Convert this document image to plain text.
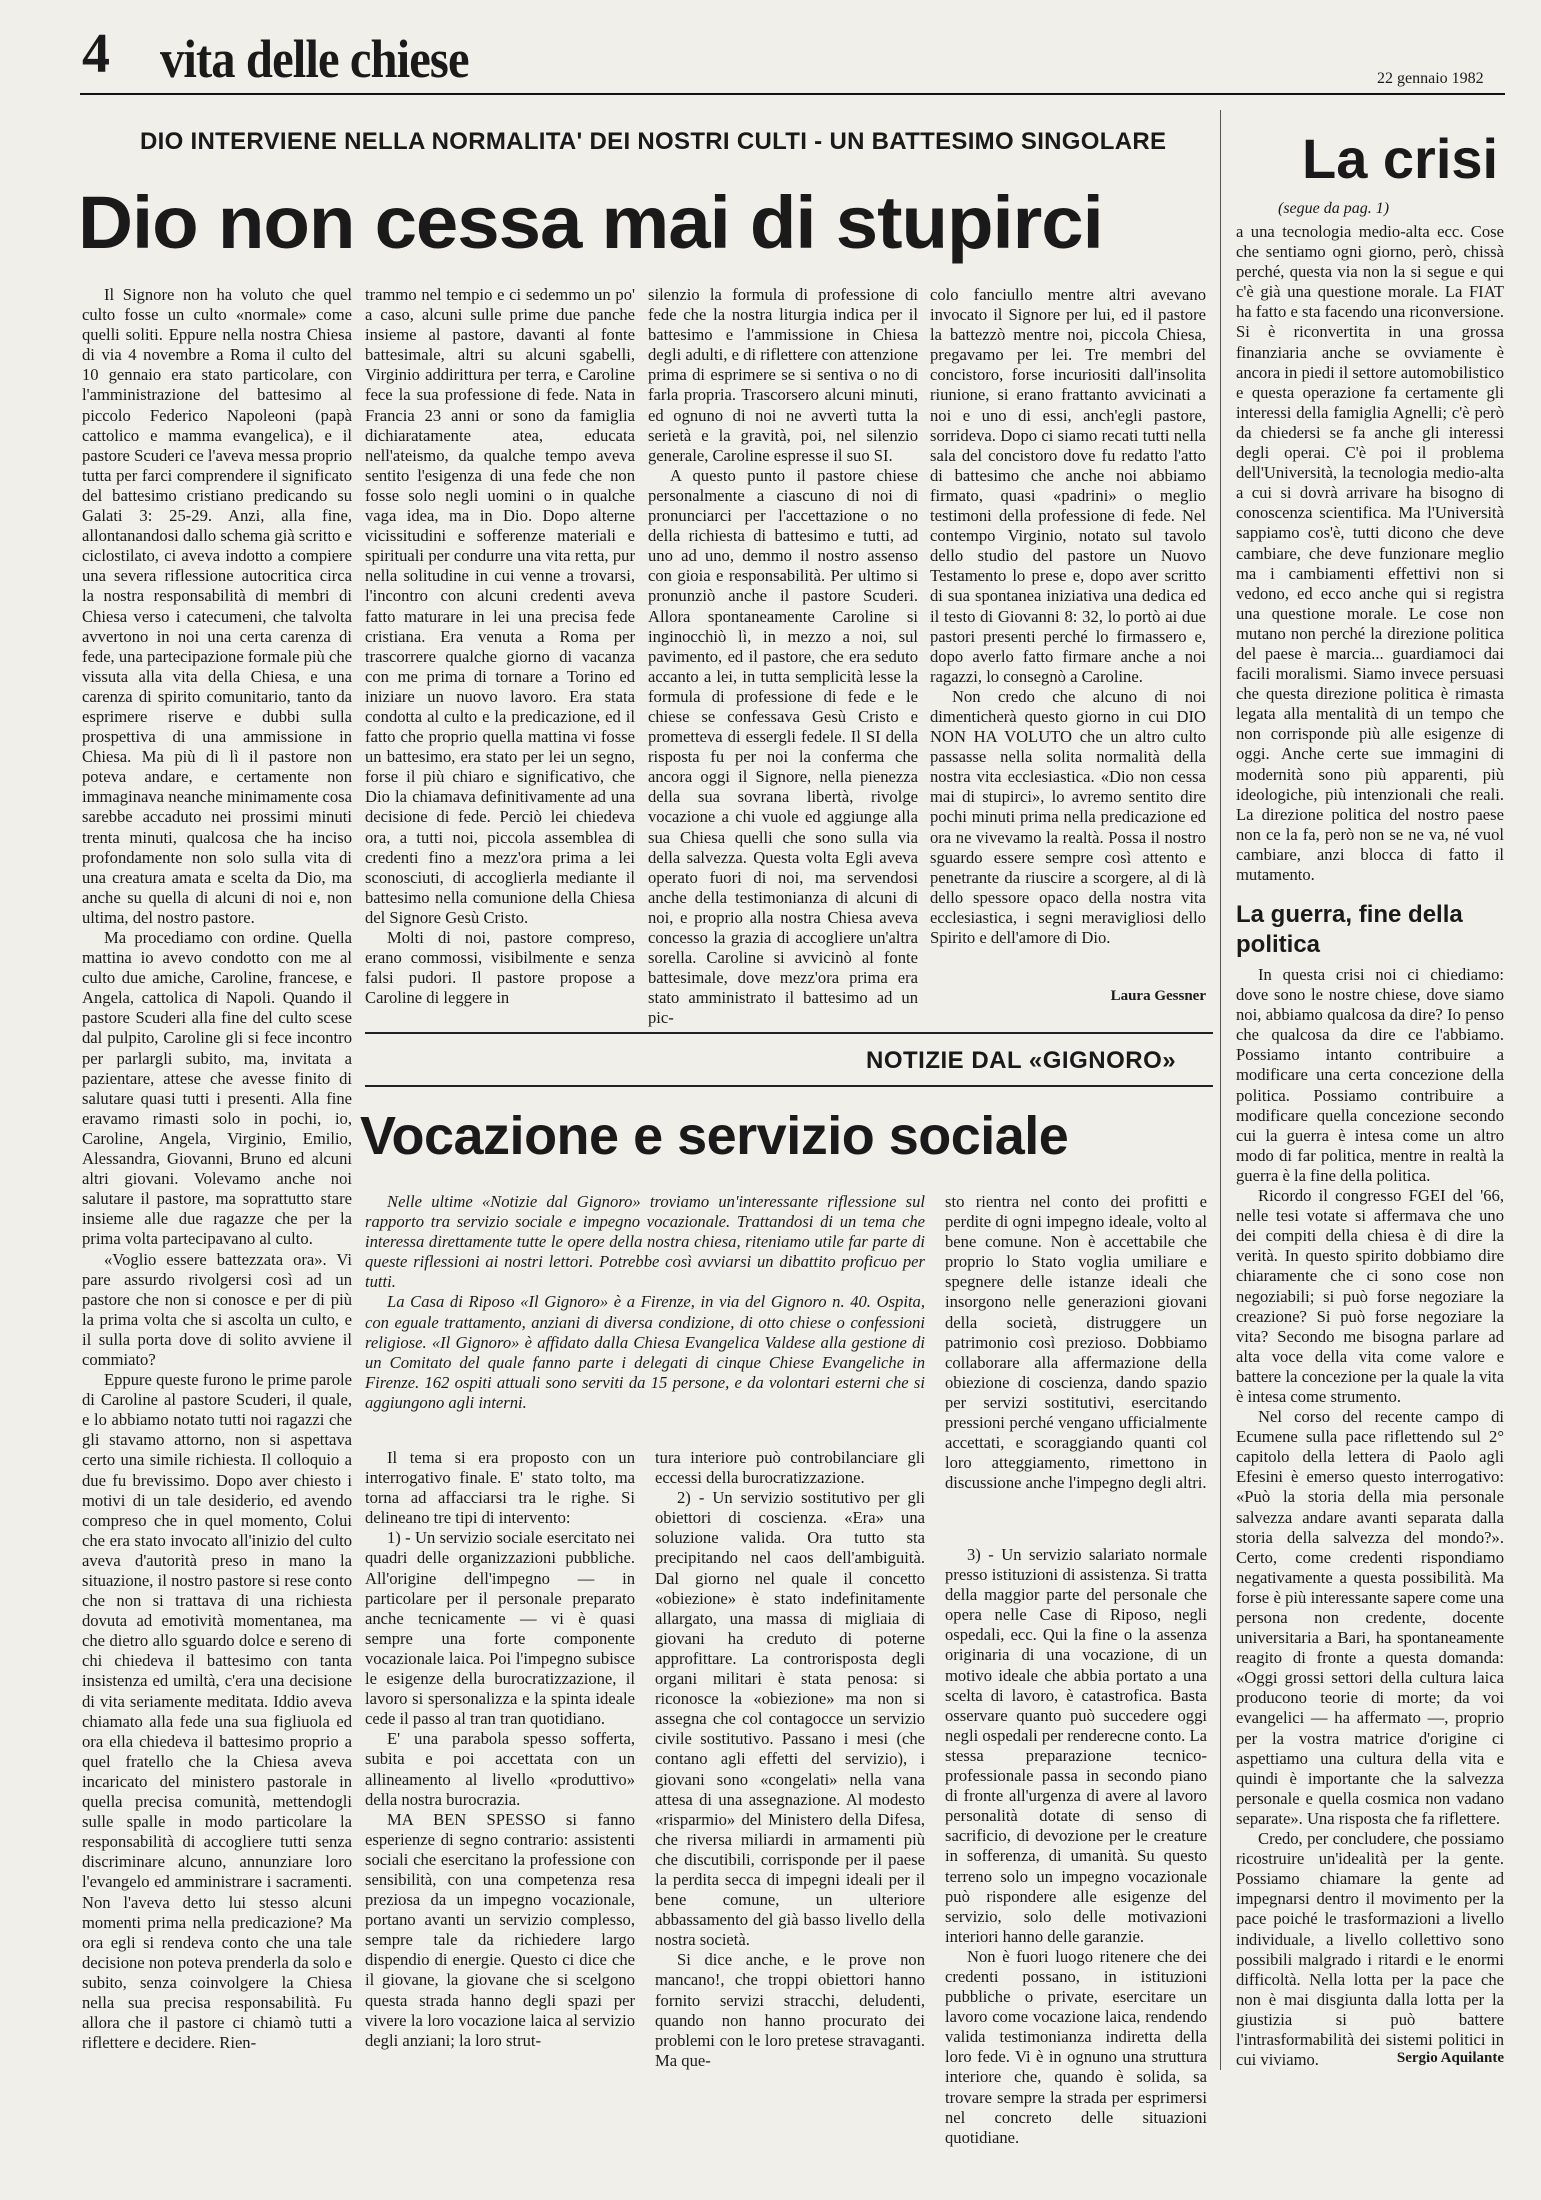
4 vita delle chiese	22 gennaio 1982
DIO INTERVIENE NELLA NORMALITA' DEI NOSTRI CULTI - UN BATTESIMO SINGOLARE
Dio non cessa mai di stupirci

Il Signore non ha voluto che quel culto fosse un culto «normale» come quelli soliti. Eppure nella nostra Chiesa di via 4 novembre a Roma il culto del 10 gennaio era stato particolare, con l'amministrazione del battesimo al piccolo Federico Napoleoni (papà cattolico e mamma evangelica), e il pastore Scuderi ce l'aveva messa proprio tutta per farci comprendere il significato del battesimo cristiano predicando su Galati 3: 25-29. Anzi, alla fine, allontanandosi dallo schema già scritto e ciclostilato, ci aveva indotto a compiere una severa riflessione autocritica circa la nostra responsabilità di membri di Chiesa verso i catecumeni, che talvolta avvertono in noi una certa carenza di fede, una partecipazione formale più che vissuta alla vita della Chiesa, e una carenza di spirito comunitario, tanto da esprimere riserve e dubbi sulla prospettiva di una ammissione in Chiesa. Ma più di lì il pastore non poteva andare, e certamente non immaginava neanche minimamente cosa sarebbe accaduto nei prossimi minuti trenta minuti, qualcosa che ha inciso profondamente non solo sulla vita di una creatura amata e scelta da Dio, ma anche su quella di alcuni di noi e, non ultima, del nostro pastore.

Ma procediamo con ordine. Quella mattina io avevo condotto con me al culto due amiche, Caroline, francese, e Angela, cattolica di Napoli. Quando il pastore Scuderi alla fine del culto scese dal pulpito, Caroline gli si fece incontro per parlargli subito, ma, invitata a pazientare, attese che avesse finito di salutare quasi tutti i presenti. Alla fine eravamo rimasti solo in pochi, io, Caroline, Angela, Virginio, Emilio, Alessandra, Giovanni, Bruno ed alcuni altri giovani. Volevamo anche noi salutare il pastore, ma soprattutto stare insieme alle due ragazze che per la prima volta partecipavano al culto.

«Voglio essere battezzata ora». Vi pare assurdo rivolgersi così ad un pastore che non si conosce e per di più la prima volta che si ascolta un culto, e il sulla porta dove di solito avviene il commiato?

Eppure queste furono le prime parole di Caroline al pastore Scuderi, il quale, e lo abbiamo notato tutti noi ragazzi che gli stavamo attorno, non si aspettava certo una simile richiesta. Il colloquio a due fu brevissimo. Dopo aver chiesto i motivi di un tale desiderio, ed avendo compreso che in quel momento, Colui che era stato invocato all'inizio del culto aveva d'autorità preso in mano la situazione, il nostro pastore si rese conto che non si trattava di una richiesta dovuta ad emotività momentanea, ma che dietro allo sguardo dolce e sereno di chi chiedeva il battesimo con tanta insistenza ed umiltà, c'era una decisione di vita seriamente meditata. Iddio aveva chiamato alla fede una sua figliuola ed ora ella chiedeva il battesimo proprio a quel fratello che la Chiesa aveva incaricato del ministero pastorale in quella precisa comunità, mettendogli sulle spalle in modo particolare la responsabilità di accogliere tutti senza discriminare alcuno, annunziare loro l'evangelo ed amministrare i sacramenti. Non l'aveva detto lui stesso alcuni momenti prima nella predicazione? Ma ora egli si rendeva conto che una tale decisione non poteva prenderla da solo e subito, senza coinvolgere la Chiesa nella sua precisa responsabilità. Fu allora che il pastore ci chiamò tutti a riflettere e decidere. Rien-

trammo nel tempio e ci sedemmo un po' a caso, alcuni sulle prime due panche insieme al pastore, davanti al fonte battesimale, altri su alcuni sgabelli, Virginio addirittura per terra, e Caroline fece la sua professione di fede. Nata in Francia 23 anni or sono da famiglia dichiaratamente atea, educata nell'ateismo, da qualche tempo aveva sentito l'esigenza di una fede che non fosse solo negli uomini o in qualche vaga idea, ma in Dio. Dopo alterne vicissitudini e sofferenze materiali e spirituali per condurre una vita retta, pur nella solitudine in cui venne a trovarsi, l'incontro con alcuni credenti aveva fatto maturare in lei una precisa fede cristiana. Era venuta a Roma per trascorrere qualche giorno di vacanza con me prima di tornare a Torino ed iniziare un nuovo lavoro. Era stata condotta al culto e la predicazione, ed il fatto che proprio quella mattina vi fosse un battesimo, era stato per lei un segno, forse il più chiaro e significativo, che Dio la chiamava definitivamente ad una decisione di fede. Perciò lei chiedeva ora, a tutti noi, piccola assemblea di credenti fino a mezz'ora prima a lei sconosciuti, di accoglierla mediante il battesimo nella comunione della Chiesa del Signore Gesù Cristo.

Molti di noi, pastore compreso, erano commossi, visibilmente e senza falsi pudori. Il pastore propose a Caroline di leggere in

silenzio la formula di professione di fede che la nostra liturgia indica per il battesimo e l'ammissione in Chiesa degli adulti, e di riflettere con attenzione prima di esprimere se si sentiva o no di farla propria. Trascorsero alcuni minuti, ed ognuno di noi ne avvertì tutta la serietà e la gravità, poi, nel silenzio generale, Caroline espresse il suo SI.

A questo punto il pastore chiese personalmente a ciascuno di noi di pronunciarci per l'accettazione o no della richiesta di battesimo e tutti, ad uno ad uno, demmo il nostro assenso con gioia e responsabilità. Per ultimo si pronunziò anche il pastore Scuderi. Allora spontaneamente Caroline si inginocchiò lì, in mezzo a noi, sul pavimento, ed il pastore, che era seduto accanto a lei, in tutta semplicità lesse la formula di professione di fede e le chiese se confessava Gesù Cristo e prometteva di essergli fedele. Il SI della risposta fu per noi la conferma che ancora oggi il Signore, nella pienezza della sua sovrana libertà, rivolge vocazione a chi vuole ed aggiunge alla sua Chiesa quelli che sono sulla via della salvezza. Questa volta Egli aveva operato fuori di noi, ma servendosi anche della testimonianza di alcuni di noi, e proprio alla nostra Chiesa aveva concesso la grazia di accogliere un'altra sorella. Caroline si avvicinò al fonte battesimale, dove mezz'ora prima era stato amministrato il battesimo ad un pic-

colo fanciullo mentre altri avevano invocato il Signore per lui, ed il pastore la battezzò mentre noi, piccola Chiesa, pregavamo per lei. Tre membri del concistoro, forse incuriositi dall'insolita riunione, si erano frattanto avvicinati a noi e uno di essi, anch'egli pastore, sorrideva. Dopo ci siamo recati tutti nella sala del concistoro dove fu redatto l'atto di battesimo che anche noi abbiamo firmato, quasi «padrini» o meglio testimoni della professione di fede. Nel contempo Virginio, notato sul tavolo dello studio del pastore un Nuovo Testamento lo prese e, dopo aver scritto di sua spontanea iniziativa una dedica ed il testo di Giovanni 8: 32, lo portò ai due pastori presenti perché lo firmassero e, dopo averlo fatto firmare anche a noi ragazzi, lo consegnò a Caroline.

Non credo che alcuno di noi dimenticherà questo giorno in cui DIO NON HA VOLUTO che un altro culto passasse nella solita normalità della nostra vita ecclesiastica. «Dio non cessa mai di stupirci», lo avremo sentito dire pochi minuti prima nella predicazione ed ora ne vivevamo la realtà. Possa il nostro sguardo essere sempre così attento e penetrante da riuscire a scorgere, al di là dello spessore opaco della nostra vita ecclesiastica, i segni meravigliosi dello Spirito e dell'amore di Dio.

Laura Gessner
La crisi
(segue da pag. 1)

a una tecnologia medio-alta ecc. Cose che sentiamo ogni giorno, però, chissà perché, questa via non la si segue e qui c'è già una questione morale. La FIAT ha fatto e sta facendo una riconversione. Si è riconvertita in una grossa finanziaria anche se ovviamente è ancora in piedi il settore automobilistico e questa operazione fa certamente gli interessi della famiglia Agnelli; c'è però da chiedersi se fa anche gli interessi degli operai. C'è poi il problema dell'Università, la tecnologia medio-alta a cui si dovrà arrivare ha bisogno di conoscenza scientifica. Ma l'Università sappiamo cos'è, tutti dicono che deve cambiare, che deve funzionare meglio ma i cambiamenti effettivi non si vedono, ed ecco anche qui si registra una questione morale. Le cose non mutano non perché la direzione politica del paese è marcia... guardiamoci dai facili moralismi. Siamo invece persuasi che questa direzione politica è rimasta legata alla mentalità di un tempo che non corrisponde più alle esigenze di oggi. Anche certe sue immagini di modernità sono più apparenti, più ideologiche, più intenzionali che reali. La direzione politica del nostro paese non ce la fa, però non se ne va, né vuol cambiare, anzi blocca di fatto il mutamento.

La guerra, fine della politica

In questa crisi noi ci chiediamo: dove sono le nostre chiese, dove siamo noi, abbiamo qualcosa da dire? Io penso che qualcosa da dire ce l'abbiamo. Possiamo intanto contribuire a modificare una certa concezione della politica. Possiamo contribuire a modificare quella concezione secondo cui la guerra è intesa come un altro modo di far politica, mentre in realtà la guerra è la fine della politica.

Ricordo il congresso FGEI del '66, nelle tesi votate si affermava che uno dei compiti della chiesa è di dire la verità. In questo spirito dobbiamo dire chiaramente che ci sono cose non negoziabili; si può forse negoziare la creazione? Si può forse negoziare la vita? Secondo me bisogna parlare ad alta voce della vita come valore e battere la concezione per la quale la vita è intesa come strumento.

Nel corso del recente campo di Ecumene sulla pace riflettendo sul 2° capitolo della lettera di Paolo agli Efesini è emerso questo interrogativo: «Può la storia della mia personale salvezza andare avanti separata dalla storia della salvezza del mondo?». Certo, come credenti rispondiamo negativamente a questa possibilità. Ma forse è più interessante sapere come una persona non credente, docente universitaria a Bari, ha spontaneamente reagito di fronte a questa domanda: «Oggi grossi settori della cultura laica producono teorie di morte; da voi evangelici — ha affermato —, proprio per la vostra matrice d'origine ci aspettiamo una cultura della vita e quindi è importante che la salvezza personale e quella cosmica non vadano separate». Una risposta che fa riflettere.

Credo, per concludere, che possiamo ricostruire un'idealità per la gente. Possiamo chiamare la gente ad impegnarsi dentro il movimento per la pace poiché le trasformazioni a livello individuale, a livello collettivo sono possibili malgrado i ritardi e le enormi difficoltà. Nella lotta per la pace che non è mai disgiunta dalla lotta per la giustizia si può battere l'intrasformabilità dei sistemi politici in cui viviamo.	Sergio Aquilante
NOTIZIE DAL «GIGNORO»
Vocazione e servizio sociale

Nelle ultime «Notizie dal Gignoro» troviamo un'interessante riflessione sul rapporto tra servizio sociale e impegno vocazionale. Trattandosi di un tema che interessa direttamente tutte le opere della nostra chiesa, riteniamo utile far parte di queste riflessioni ai nostri lettori. Potrebbe così avviarsi un dibattito proficuo per tutti.

La Casa di Riposo «Il Gignoro» è a Firenze, in via del Gignoro n. 40. Ospita, con eguale trattamento, anziani di diversa condizione, di otto chiese o confessioni religiose. «Il Gignoro» è affidato dalla Chiesa Evangelica Valdese alla gestione di un Comitato del quale fanno parte i delegati di cinque Chiese Evangeliche in Firenze. 162 ospiti attuali sono serviti da 15 persone, e da volontari esterni che si aggiungono agli interni.

sto rientra nel conto dei profitti e perdite di ogni impegno ideale, volto al bene comune. Non è accettabile che proprio lo Stato voglia umiliare e spegnere delle istanze ideali che insorgono nelle generazioni giovani della società, distruggere un patrimonio così prezioso. Dobbiamo collaborare alla affermazione della obiezione di coscienza, dando spazio per servizi sostitutivi, esercitando pressioni perché vengano ufficialmente accettati, e scoraggiando quanti col loro atteggiamento, rimettono in discussione anche l'impegno degli altri.

Il tema si era proposto con un interrogativo finale. E' stato tolto, ma torna ad affacciarsi tra le righe. Si delineano tre tipi di intervento:

1) - Un servizio sociale esercitato nei quadri delle organizzazioni pubbliche. All'origine dell'impegno — in particolare per il personale preparato anche tecnicamente — vi è quasi sempre una forte componente vocazionale laica. Poi l'impegno subisce le esigenze della burocratizzazione, il lavoro si spersonalizza e la spinta ideale cede il passo al tran tran quotidiano.

E' una parabola spesso sofferta, subita e poi accettata con un allineamento al livello «produttivo» della nostra burocrazia.

MA BEN SPESSO si fanno esperienze di segno contrario: assistenti sociali che esercitano la professione con sensibilità, con una competenza resa preziosa da un impegno vocazionale, portano avanti un servizio complesso, sempre tale da richiedere largo dispendio di energie. Questo ci dice che il giovane, la giovane che si scelgono questa strada hanno degli spazi per vivere la loro vocazione laica al servizio degli anziani; la loro strut-

tura interiore può controbilanciare gli eccessi della burocratizzazione.

2) - Un servizio sostitutivo per gli obiettori di coscienza. «Era» una soluzione valida. Ora tutto sta precipitando nel caos dell'ambiguità. Dal giorno nel quale il concetto «obiezione» è stato indefinitamente allargato, una massa di migliaia di giovani ha creduto di poterne approfittare. La controrisposta degli organi militari è stata penosa: si riconosce la «obiezione» ma non si assegna che col contagocce un servizio civile sostitutivo. Passano i mesi (che contano agli effetti del servizio), i giovani sono «congelati» nella vana attesa di una assegnazione. Al modesto «risparmio» del Ministero della Difesa, che riversa miliardi in armamenti più che discutibili, corrisponde per il paese la perdita secca di impegni ideali per il bene comune, un ulteriore abbassamento del già basso livello della nostra società.

Si dice anche, e le prove non mancano!, che troppi obiettori hanno fornito servizi stracchi, deludenti, quando non hanno procurato dei problemi con le loro pretese stravaganti. Ma que-

3) - Un servizio salariato normale presso istituzioni di assistenza. Si tratta della maggior parte del personale che opera nelle Case di Riposo, negli ospedali, ecc. Qui la fine o la assenza originaria di una vocazione, di un motivo ideale che abbia portato a una scelta di lavoro, è catastrofica. Basta osservare quanto può succedere oggi negli ospedali per renderecne conto. La stessa preparazione tecnico-professionale passa in secondo piano di fronte all'urgenza di avere al lavoro personalità dotate di senso di sacrificio, di devozione per le creature in sofferenza, di umanità. Su questo terreno solo un impegno vocazionale può rispondere alle esigenze del servizio, solo delle motivazioni interiori hanno delle garanzie.

Non è fuori luogo ritenere che dei credenti possano, in istituzioni pubbliche o private, esercitare un lavoro come vocazione laica, rendendo valida testimonianza indiretta della loro fede. Vi è in ognuno una struttura interiore che, quando è solida, sa trovare sempre la strada per esprimersi nel concreto delle situazioni quotidiane.
